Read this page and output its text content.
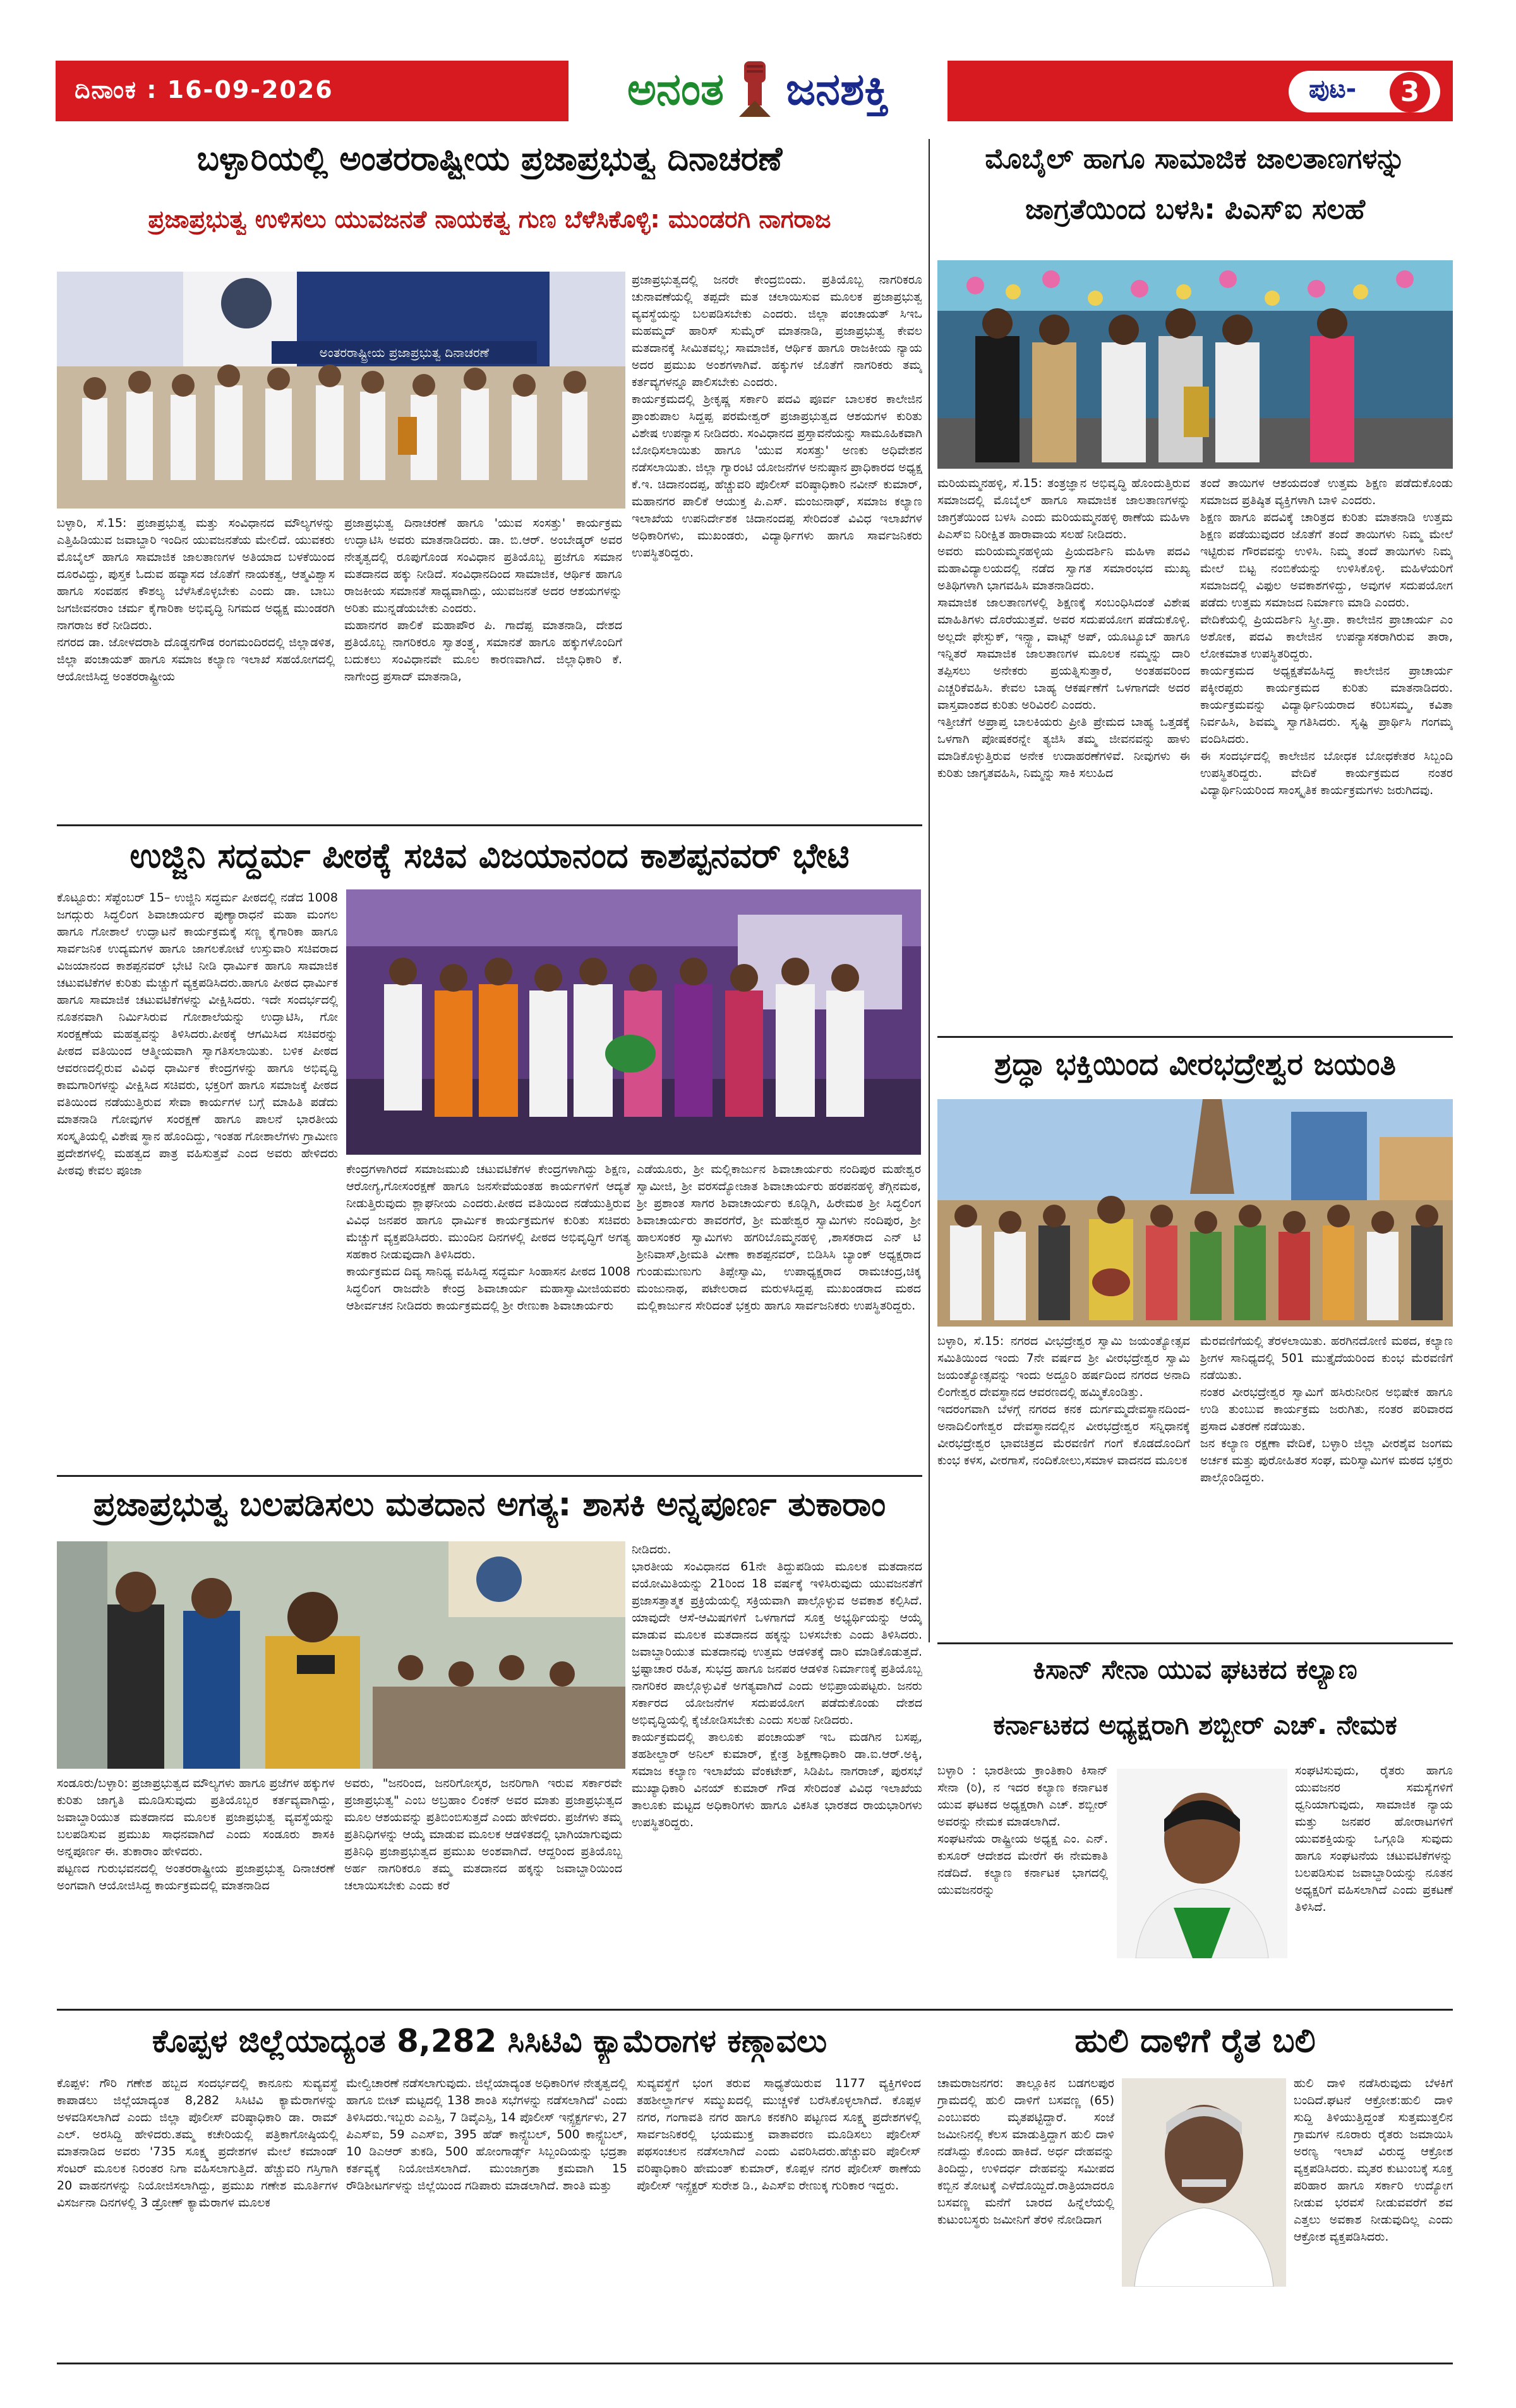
ದಿನಾಂಕ : 16-09-2026	ಅನಂತ ಜನಶಕ್ತಿ	ಪುಟ-	3
ಬಳ್ಳಾರಿಯಲ್ಲಿ ಅಂತರರಾಷ್ಟ್ರೀಯ ಪ್ರಜಾಪ್ರಭುತ್ವ ದಿನಾಚರಣೆ
ಪ್ರಜಾಪ್ರಭುತ್ವ ಉಳಿಸಲು ಯುವಜನತೆ ನಾಯಕತ್ವ ಗುಣ ಬೆಳೆಸಿಕೊಳ್ಳಿ: ಮುಂಡರಗಿ ನಾಗರಾಜ
ಅಂತರರಾಷ್ಟ್ರೀಯ ಪ್ರಜಾಪ್ರಭುತ್ವ ದಿನಾಚರಣೆ
ಬಳ್ಳಾರಿ, ಸೆ.15: ಪ್ರಜಾಪ್ರಭುತ್ವ ಮತ್ತು ಸಂವಿಧಾನದ ಮೌಲ್ಯಗಳನ್ನು ಎತ್ತಿಹಿಡಿಯುವ ಜವಾಬ್ದಾರಿ ಇಂದಿನ ಯುವಜನತೆಯ ಮೇಲಿದೆ. ಯುವಕರು ಮೊಬೈಲ್ ಹಾಗೂ ಸಾಮಾಜಿಕ ಜಾಲತಾಣಗಳ ಅತಿಯಾದ ಬಳಕೆಯಿಂದ ದೂರವಿದ್ದು, ಪುಸ್ತಕ ಓದುವ ಹವ್ಯಾಸದ ಜೊತೆಗೆ ನಾಯಕತ್ವ, ಆತ್ಮವಿಶ್ವಾಸ ಹಾಗೂ ಸಂವಹನ ಕೌಶಲ್ಯ ಬೆಳೆಸಿಕೊಳ್ಳಬೇಕು ಎಂದು ಡಾ. ಬಾಬು ಜಗಜೀವನರಾಂ ಚರ್ಮ ಕೈಗಾರಿಕಾ ಅಭಿವೃದ್ಧಿ ನಿಗಮದ ಅಧ್ಯಕ್ಷ ಮುಂಡರಗಿ ನಾಗರಾಜ ಕರೆ ನೀಡಿದರು.
ನಗರದ ಡಾ. ಜೋಳದರಾಶಿ ದೊಡ್ಡನಗೌಡ ರಂಗಮಂದಿರದಲ್ಲಿ ಜಿಲ್ಲಾಡಳಿತ, ಜಿಲ್ಲಾ ಪಂಚಾಯತ್ ಹಾಗೂ ಸಮಾಜ ಕಲ್ಯಾಣ ಇಲಾಖೆ ಸಹಯೋಗದಲ್ಲಿ ಆಯೋಜಿಸಿದ್ದ ಅಂತರರಾಷ್ಟ್ರೀಯ
ಪ್ರಜಾಪ್ರಭುತ್ವ ದಿನಾಚರಣೆ ಹಾಗೂ 'ಯುವ ಸಂಸತ್ತು' ಕಾರ್ಯಕ್ರಮ ಉದ್ಘಾಟಿಸಿ ಅವರು ಮಾತನಾಡಿದರು. ಡಾ. ಬಿ.ಆರ್. ಅಂಬೇಡ್ಕರ್ ಅವರ ನೇತೃತ್ವದಲ್ಲಿ ರೂಪುಗೊಂಡ ಸಂವಿಧಾನ ಪ್ರತಿಯೊಬ್ಬ ಪ್ರಜೆಗೂ ಸಮಾನ ಮತದಾನದ ಹಕ್ಕು ನೀಡಿದೆ. ಸಂವಿಧಾನದಿಂದ ಸಾಮಾಜಿಕ, ಆರ್ಥಿಕ ಹಾಗೂ ರಾಜಕೀಯ ಸಮಾನತೆ ಸಾಧ್ಯವಾಗಿದ್ದು, ಯುವಜನತೆ ಅದರ ಆಶಯಗಳನ್ನು ಅರಿತು ಮುನ್ನಡೆಯಬೇಕು ಎಂದರು.
ಮಹಾನಗರ ಪಾಲಿಕೆ ಮಹಾಪೌರ ಪಿ. ಗಾದೆಪ್ಪ ಮಾತನಾಡಿ, ದೇಶದ ಪ್ರತಿಯೊಬ್ಬ ನಾಗರಿಕರೂ ಸ್ವಾತಂತ್ರ್ಯ, ಸಮಾನತೆ ಹಾಗೂ ಹಕ್ಕುಗಳೊಂದಿಗೆ ಬದುಕಲು ಸಂವಿಧಾನವೇ ಮೂಲ ಕಾರಣವಾಗಿದೆ. ಜಿಲ್ಲಾಧಿಕಾರಿ ಕೆ. ನಾಗೇಂದ್ರ ಪ್ರಸಾದ್ ಮಾತನಾಡಿ,
ಪ್ರಜಾಪ್ರಭುತ್ವದಲ್ಲಿ ಜನರೇ ಕೇಂದ್ರಬಿಂದು. ಪ್ರತಿಯೊಬ್ಬ ನಾಗರಿಕರೂ ಚುನಾವಣೆಯಲ್ಲಿ ತಪ್ಪದೇ ಮತ ಚಲಾಯಿಸುವ ಮೂಲಕ ಪ್ರಜಾಪ್ರಭುತ್ವ ವ್ಯವಸ್ಥೆಯನ್ನು ಬಲಪಡಿಸಬೇಕು ಎಂದರು. ಜಿಲ್ಲಾ ಪಂಚಾಯತ್ ಸಿಇಒ ಮಹಮ್ಮದ್ ಹಾರಿಸ್ ಸುಮೈರ್ ಮಾತನಾಡಿ, ಪ್ರಜಾಪ್ರಭುತ್ವ ಕೇವಲ ಮತದಾನಕ್ಕೆ ಸೀಮಿತವಲ್ಲ; ಸಾಮಾಜಿಕ, ಆರ್ಥಿಕ ಹಾಗೂ ರಾಜಕೀಯ ನ್ಯಾಯ ಅದರ ಪ್ರಮುಖ ಅಂಶಗಳಾಗಿವೆ. ಹಕ್ಕುಗಳ ಜೊತೆಗೆ ನಾಗರಿಕರು ತಮ್ಮ ಕರ್ತವ್ಯಗಳನ್ನೂ ಪಾಲಿಸಬೇಕು ಎಂದರು.
ಕಾರ್ಯಕ್ರಮದಲ್ಲಿ ಶ್ರೀಕೃಷ್ಣ ಸರ್ಕಾರಿ ಪದವಿ ಪೂರ್ವ ಬಾಲಕರ ಕಾಲೇಜಿನ ಪ್ರಾಂಶುಪಾಲ ಸಿದ್ದಪ್ಪ ಪರಮೇಶ್ವರ್ ಪ್ರಜಾಪ್ರಭುತ್ವದ ಆಶಯಗಳ ಕುರಿತು ವಿಶೇಷ ಉಪನ್ಯಾಸ ನೀಡಿದರು. ಸಂವಿಧಾನದ ಪ್ರಸ್ತಾವನೆಯನ್ನು ಸಾಮೂಹಿಕವಾಗಿ ಬೋಧಿಸಲಾಯಿತು ಹಾಗೂ 'ಯುವ ಸಂಸತ್ತು' ಅಣಕು ಅಧಿವೇಶನ ನಡೆಸಲಾಯಿತು. ಜಿಲ್ಲಾ ಗ್ಯಾರಂಟಿ ಯೋಜನೆಗಳ ಅನುಷ್ಠಾನ ಪ್ರಾಧಿಕಾರದ ಅಧ್ಯಕ್ಷ ಕೆ.ಇ. ಚಿದಾನಂದಪ್ಪ, ಹೆಚ್ಚುವರಿ ಪೊಲೀಸ್ ವರಿಷ್ಠಾಧಿಕಾರಿ ನವೀನ್ ಕುಮಾರ್, ಮಹಾನಗರ ಪಾಲಿಕೆ ಆಯುಕ್ತ ಪಿ.ಎಸ್. ಮಂಜುನಾಥ್, ಸಮಾಜ ಕಲ್ಯಾಣ ಇಲಾಖೆಯ ಉಪನಿರ್ದೇಶಕ ಚಿದಾನಂದಪ್ಪ ಸೇರಿದಂತೆ ವಿವಿಧ ಇಲಾಖೆಗಳ ಅಧಿಕಾರಿಗಳು, ಮುಖಂಡರು, ವಿದ್ಯಾರ್ಥಿಗಳು ಹಾಗೂ ಸಾರ್ವಜನಿಕರು ಉಪಸ್ಥಿತರಿದ್ದರು.
ಉಜ್ಜಿನಿ ಸದ್ಧರ್ಮ ಪೀಠಕ್ಕೆ ಸಚಿವ ವಿಜಯಾನಂದ ಕಾಶಪ್ಪನವರ್ ಭೇಟಿ
ಕೊಟ್ಟೂರು: ಸೆಪ್ಟೆಂಬರ್ 15– ಉಜ್ಜಿನಿ ಸದ್ಧರ್ಮ ಪೀಠದಲ್ಲಿ ನಡೆದ 1008 ಜಗದ್ಗುರು ಸಿದ್ಧಲಿಂಗ ಶಿವಾಚಾರ್ಯರ ಪುಣ್ಯಾರಾಧನೆ ಮಹಾ ಮಂಗಲ ಹಾಗೂ ಗೋಶಾಲೆ ಉದ್ಘಾಟನೆ ಕಾರ್ಯಕ್ರಮಕ್ಕೆ ಸಣ್ಣ ಕೈಗಾರಿಕಾ ಹಾಗೂ ಸಾರ್ವಜನಿಕ ಉದ್ಯಮಗಳ ಹಾಗೂ ಜಾಗಲಕೋಟೆ ಉಸ್ತುವಾರಿ ಸಚಿವರಾದ ವಿಜಯಾನಂದ ಕಾಶಪ್ಪನವರ್ ಭೇಟಿ ನೀಡಿ ಧಾರ್ಮಿಕ ಹಾಗೂ ಸಾಮಾಜಿಕ ಚಟುವಟಿಕೆಗಳ ಕುರಿತು ಮೆಚ್ಚುಗೆ ವ್ಯಕ್ತಪಡಿಸಿದರು.ಹಾಗೂ ಪೀಠದ ಧಾರ್ಮಿಕ ಹಾಗೂ ಸಾಮಾಜಿಕ ಚಟುವಟಿಕೆಗಳನ್ನು ವೀಕ್ಷಿಸಿದರು. ಇದೇ ಸಂದರ್ಭದಲ್ಲಿ ನೂತನವಾಗಿ ನಿರ್ಮಿಸಿರುವ ಗೋಶಾಲೆಯನ್ನು ಉದ್ಘಾಟಿಸಿ, ಗೋ ಸಂರಕ್ಷಣೆಯ ಮಹತ್ವವನ್ನು ತಿಳಿಸಿದರು.ಪೀಠಕ್ಕೆ ಆಗಮಿಸಿದ ಸಚಿವರನ್ನು ಪೀಠದ ವತಿಯಿಂದ ಆತ್ಮೀಯವಾಗಿ ಸ್ವಾಗತಿಸಲಾಯಿತು. ಬಳಿಕ ಪೀಠದ ಆವರಣದಲ್ಲಿರುವ ವಿವಿಧ ಧಾರ್ಮಿಕ ಕೇಂದ್ರಗಳನ್ನು ಹಾಗೂ ಅಭಿವೃದ್ಧಿ ಕಾಮಗಾರಿಗಳನ್ನು ವೀಕ್ಷಿಸಿದ ಸಚಿವರು, ಭಕ್ತರಿಗೆ ಹಾಗೂ ಸಮಾಜಕ್ಕೆ ಪೀಠದ ವತಿಯಿಂದ ನಡೆಯುತ್ತಿರುವ ಸೇವಾ ಕಾರ್ಯಗಳ ಬಗ್ಗೆ ಮಾಹಿತಿ ಪಡೆದು ಮಾತನಾಡಿ ಗೋವುಗಳ ಸಂರಕ್ಷಣೆ ಹಾಗೂ ಪಾಲನೆ ಭಾರತೀಯ ಸಂಸ್ಕೃತಿಯಲ್ಲಿ ವಿಶೇಷ ಸ್ಥಾನ ಹೊಂದಿದ್ದು, ಇಂತಹ ಗೋಶಾಲೆಗಳು ಗ್ರಾಮೀಣ ಪ್ರದೇಶಗಳಲ್ಲಿ ಮಹತ್ವದ ಪಾತ್ರ ವಹಿಸುತ್ತವೆ ಎಂದ ಅವರು ಹೇಳಿದರು ಪೀಠವು ಕೇವಲ ಪೂಜಾ	ಕೇಂದ್ರಗಳಾಗಿರದೆ ಸಮಾಜಮುಖಿ ಚಟುವಟಿಕೆಗಳ ಕೇಂದ್ರಗಳಾಗಿದ್ದು ಶಿಕ್ಷಣ, ಆರೋಗ್ಯ,ಗೋಸಂರಕ್ಷಣೆ ಹಾಗೂ ಜನಸೇವೆಯಂತಹ ಕಾರ್ಯಗಳಿಗೆ ಆದ್ಯತೆ ನೀಡುತ್ತಿರುವುದು ಶ್ಲಾಘನೀಯ ಎಂದರು.ಪೀಠದ ವತಿಯಿಂದ ನಡೆಯುತ್ತಿರುವ ವಿವಿಧ ಜನಪರ ಹಾಗೂ ಧಾರ್ಮಿಕ ಕಾರ್ಯಕ್ರಮಗಳ ಕುರಿತು ಸಚಿವರು ಮೆಚ್ಚುಗೆ ವ್ಯಕ್ತಪಡಿಸಿದರು. ಮುಂದಿನ ದಿನಗಳಲ್ಲಿ ಪೀಠದ ಅಭಿವೃದ್ಧಿಗೆ ಅಗತ್ಯ ಸಹಕಾರ ನೀಡುವುದಾಗಿ ತಿಳಿಸಿದರು.
ಕಾರ್ಯಕ್ರಮದ ದಿವ್ಯ ಸಾನಿಧ್ಯ ವಹಿಸಿದ್ದ ಸದ್ಧರ್ಮ ಸಿಂಹಾಸನ ಪೀಠದ 1008 ಸಿದ್ಧಲಿಂಗ ರಾಜದೇಶಿ ಕೇಂದ್ರ ಶಿವಾಚಾರ್ಯ ಮಹಾಸ್ವಾಮೀಜಿಯವರು ಆಶೀರ್ವಚನ ನೀಡಿದರು ಕಾರ್ಯಕ್ರಮದಲ್ಲಿ ಶ್ರೀ ರೇಣುಕಾ ಶಿವಾಚಾರ್ಯರು
ಎಡೆಯೂರು, ಶ್ರೀ ಮಲ್ಲಿಕಾರ್ಜುನ ಶಿವಾಚಾರ್ಯರು ನಂದಿಪುರ ಮಹೇಶ್ವರ ಸ್ವಾಮೀಜಿ, ಶ್ರೀ ವರಸದ್ಯೋಜಾತ ಶಿವಾಚಾರ್ಯರು ಹರಪನಹಳ್ಳಿ ತೆಗ್ಗಿನಮಠ, ಶ್ರೀ ಪ್ರಶಾಂತ ಸಾಗರ ಶಿವಾಚಾರ್ಯರು ಕೂಡ್ಲಿಗಿ, ಹಿರೇಮಠ ಶ್ರೀ ಸಿದ್ಧಲಿಂಗ ಶಿವಾಚಾರ್ಯರು ತಾವರಗೆರೆ, ಶ್ರೀ ಮಹೇಶ್ವರ ಸ್ವಾಮಿಗಳು ನಂದಿಪುರ, ಶ್ರೀ ಹಾಲಸಂಕರ ಸ್ವಾಮಿಗಳು ಹಗರಿಬೊಮ್ಮನಹಳ್ಳಿ ,ಶಾಸಕರಾದ ಎನ್ ಟಿ ಶ್ರೀನಿವಾಸ್,ಶ್ರೀಮತಿ ವೀಣಾ ಕಾಶಪ್ಪನವರ್, ಬಿಡಿಸಿಸಿ ಬ್ಯಾಂಕ್ ಅಧ್ಯಕ್ಷರಾದ ಗುಂಡುಮುಣುಗು ತಿಪ್ಪೇಸ್ವಾಮಿ, ಉಪಾಧ್ಯಕ್ಷರಾದ ರಾಮಚಂದ್ರ,ಚಿಕ್ಕ ಮಂಜುನಾಥ, ಪಟೇಲರಾದ ಮರುಳಸಿದ್ದಪ್ಪ ಮುಖಂಡರಾದ ಮಠದ ಮಲ್ಲಿಕಾರ್ಜುನ ಸೇರಿದಂತೆ ಭಕ್ತರು ಹಾಗೂ ಸಾರ್ವಜನಿಕರು ಉಪಸ್ಥಿತರಿದ್ದರು.
ಪ್ರಜಾಪ್ರಭುತ್ವ ಬಲಪಡಿಸಲು ಮತದಾನ ಅಗತ್ಯ: ಶಾಸಕಿ ಅನ್ನಪೂರ್ಣ ತುಕಾರಾಂ
ಸಂಡೂರು/ಬಳ್ಳಾರಿ: ಪ್ರಜಾಪ್ರಭುತ್ವದ ಮೌಲ್ಯಗಳು ಹಾಗೂ ಪ್ರಜೆಗಳ ಹಕ್ಕುಗಳ ಕುರಿತು ಜಾಗೃತಿ ಮೂಡಿಸುವುದು ಪ್ರತಿಯೊಬ್ಬರ ಕರ್ತವ್ಯವಾಗಿದ್ದು, ಜವಾಬ್ದಾರಿಯುತ ಮತದಾನದ ಮೂಲಕ ಪ್ರಜಾಪ್ರಭುತ್ವ ವ್ಯವಸ್ಥೆಯನ್ನು ಬಲಪಡಿಸುವ ಪ್ರಮುಖ ಸಾಧನವಾಗಿದೆ ಎಂದು ಸಂಡೂರು ಶಾಸಕಿ ಅನ್ನಪೂರ್ಣ ಈ. ತುಕಾರಾಂ ಹೇಳಿದರು.
ಪಟ್ಟಣದ ಗುರುಭವನದಲ್ಲಿ ಅಂತರರಾಷ್ಟ್ರೀಯ ಪ್ರಜಾಪ್ರಭುತ್ವ ದಿನಾಚರಣೆ ಅಂಗವಾಗಿ ಆಯೋಜಿಸಿದ್ದ ಕಾರ್ಯಕ್ರಮದಲ್ಲಿ ಮಾತನಾಡಿದ
ಅವರು, "ಜನರಿಂದ, ಜನರಿಗೋಸ್ಕರ, ಜನರಿಗಾಗಿ ಇರುವ ಸರ್ಕಾರವೇ ಪ್ರಜಾಪ್ರಭುತ್ವ" ಎಂಬ ಅಬ್ರಹಾಂ ಲಿಂಕನ್ ಅವರ ಮಾತು ಪ್ರಜಾಪ್ರಭುತ್ವದ ಮೂಲ ಆಶಯವನ್ನು ಪ್ರತಿಬಿಂಬಿಸುತ್ತದೆ ಎಂದು ಹೇಳಿದರು. ಪ್ರಜೆಗಳು ತಮ್ಮ ಪ್ರತಿನಿಧಿಗಳನ್ನು ಆಯ್ಕೆ ಮಾಡುವ ಮೂಲಕ ಆಡಳಿತದಲ್ಲಿ ಭಾಗಿಯಾಗುವುದು ಪ್ರತಿನಿಧಿ ಪ್ರಜಾಪ್ರಭುತ್ವದ ಪ್ರಮುಖ ಅಂಶವಾಗಿದೆ. ಆದ್ದರಿಂದ ಪ್ರತಿಯೊಬ್ಬ ಅರ್ಹ ನಾಗರಿಕರೂ ತಮ್ಮ ಮತದಾನದ ಹಕ್ಕನ್ನು ಜವಾಬ್ದಾರಿಯಿಂದ ಚಲಾಯಿಸಬೇಕು ಎಂದು ಕರೆ
ನೀಡಿದರು.
ಭಾರತೀಯ ಸಂವಿಧಾನದ 61ನೇ ತಿದ್ದುಪಡಿಯ ಮೂಲಕ ಮತದಾನದ ವಯೋಮಿತಿಯನ್ನು 21ರಿಂದ 18 ವರ್ಷಕ್ಕೆ ಇಳಿಸಿರುವುದು ಯುವಜನತೆಗೆ ಪ್ರಜಾಸತ್ತಾತ್ಮಕ ಪ್ರಕ್ರಿಯೆಯಲ್ಲಿ ಸಕ್ರಿಯವಾಗಿ ಪಾಲ್ಗೊಳ್ಳುವ ಅವಕಾಶ ಕಲ್ಪಿಸಿದೆ. ಯಾವುದೇ ಆಸೆ-ಆಮಿಷಗಳಿಗೆ ಒಳಗಾಗದೆ ಸೂಕ್ತ ಅಭ್ಯರ್ಥಿಯನ್ನು ಆಯ್ಕೆ ಮಾಡುವ ಮೂಲಕ ಮತದಾನದ ಹಕ್ಕನ್ನು ಬಳಸಬೇಕು ಎಂದು ತಿಳಿಸಿದರು. ಜವಾಬ್ದಾರಿಯುತ ಮತದಾನವು ಉತ್ತಮ ಆಡಳಿತಕ್ಕೆ ದಾರಿ ಮಾಡಿಕೊಡುತ್ತದೆ. ಭ್ರಷ್ಟಾಚಾರ ರಹಿತ, ಸುಭದ್ರ ಹಾಗೂ ಜನಪರ ಆಡಳಿತ ನಿರ್ಮಾಣಕ್ಕೆ ಪ್ರತಿಯೊಬ್ಬ ನಾಗರಿಕರ ಪಾಲ್ಗೊಳ್ಳುವಿಕೆ ಅಗತ್ಯವಾಗಿದೆ ಎಂದು ಅಭಿಪ್ರಾಯಪಟ್ಟರು. ಜನರು ಸರ್ಕಾರದ ಯೋಜನೆಗಳ ಸದುಪಯೋಗ ಪಡೆದುಕೊಂಡು ದೇಶದ ಅಭಿವೃದ್ಧಿಯಲ್ಲಿ ಕೈಜೋಡಿಸಬೇಕು ಎಂದು ಸಲಹೆ ನೀಡಿದರು.
ಕಾರ್ಯಕ್ರಮದಲ್ಲಿ ತಾಲೂಕು ಪಂಚಾಯತ್ ಇಒ ಮಡಗಿನ ಬಸಪ್ಪ, ತಹಶೀಲ್ದಾರ್ ಅನಿಲ್ ಕುಮಾರ್, ಕ್ಷೇತ್ರ ಶಿಕ್ಷಣಾಧಿಕಾರಿ ಡಾ.ಐ.ಆರ್.ಅಕ್ಕಿ, ಸಮಾಜ ಕಲ್ಯಾಣ ಇಲಾಖೆಯ ವೆಂಕಟೇಶ್, ಸಿಡಿಪಿಒ ನಾಗರಾಜ್, ಪುರಸಭೆ ಮುಖ್ಯಾಧಿಕಾರಿ ವಿನಯ್ ಕುಮಾರ್ ಗೌಡ ಸೇರಿದಂತೆ ವಿವಿಧ ಇಲಾಖೆಯ ತಾಲೂಕು ಮಟ್ಟದ ಅಧಿಕಾರಿಗಳು ಹಾಗೂ ವಿಕಸಿತ ಭಾರತದ ರಾಯಭಾರಿಗಳು ಉಪಸ್ಥಿತರಿದ್ದರು.
ಮೊಬೈಲ್ ಹಾಗೂ ಸಾಮಾಜಿಕ ಜಾಲತಾಣಗಳನ್ನು
ಜಾಗ್ರತೆಯಿಂದ ಬಳಸಿ: ಪಿಎಸ್ಐ ಸಲಹೆ
ಮರಿಯಮ್ಮನಹಳ್ಳಿ, ಸೆ.15: ತಂತ್ರಜ್ಞಾನ ಅಭಿವೃದ್ಧಿ ಹೊಂದುತ್ತಿರುವ ಸಮಾಜದಲ್ಲಿ ಮೊಬೈಲ್ ಹಾಗೂ ಸಾಮಾಜಿಕ ಜಾಲತಾಣಗಳನ್ನು ಜಾಗ್ರತೆಯಿಂದ ಬಳಸಿ ಎಂದು ಮರಿಯಮ್ಮನಹಳ್ಳಿ ಠಾಣೆಯ ಮಹಿಳಾ ಪಿಎಸ್ಐ ನಿರೀಕ್ಷಿತ ಹಾರಾವಾಯ ಸಲಹೆ ನೀಡಿದರು.
ಅವರು ಮರಿಯಮ್ಮನಹಳ್ಳಿಯ ಪ್ರಿಯದರ್ಶಿನಿ ಮಹಿಳಾ ಪದವಿ ಮಹಾವಿದ್ಯಾಲಯದಲ್ಲಿ ನಡೆದ ಸ್ವಾಗತ ಸಮಾರಂಭದ ಮುಖ್ಯ ಅತಿಥಿಗಳಾಗಿ ಭಾಗವಹಿಸಿ ಮಾತನಾಡಿದರು.
ಸಾಮಾಜಿಕ ಜಾಲತಾಣಗಳಲ್ಲಿ ಶಿಕ್ಷಣಕ್ಕೆ ಸಂಬಂಧಿಸಿದಂತೆ ವಿಶೇಷ ಮಾಹಿತಿಗಳು ದೊರೆಯುತ್ತವೆ. ಅವರ ಸದುಪಯೋಗ ಪಡೆದುಕೊಳ್ಳಿ. ಅಲ್ಲದೇ ಫೇಸ್ಬುಕ್, ಇನ್ಸ್ಟಾ, ವಾಟ್ಸ್ ಅಪ್, ಯೂಟ್ಯೂಬ್ ಹಾಗೂ ಇನ್ನಿತರೆ ಸಾಮಾಜಿಕ ಜಾಲತಾಣಗಳ ಮೂಲಕ ನಮ್ಮನ್ನು ದಾರಿ ತಪ್ಪಿಸಲು ಅನೇಕರು ಪ್ರಯತ್ನಿಸುತ್ತಾರೆ, ಅಂತಹವರಿಂದ ಎಚ್ಚರಿಕೆವಹಿಸಿ. ಕೇವಲ ಬಾಹ್ಯ ಆಕರ್ಷಣೆಗೆ ಒಳಗಾಗದೇ ಅದರ ವಾಸ್ತವಾಂಶದ ಕುರಿತು ಅರಿವಿರಲಿ ಎಂದರು.
ಇತ್ತೀಚೆಗೆ ಅಪ್ರಾಪ್ತ ಬಾಲಕಿಯರು ಪ್ರೀತಿ ಪ್ರೇಮದ ಬಾಹ್ಯ ಒತ್ತಡಕ್ಕೆ ಒಳಗಾಗಿ ಪೋಷಕರನ್ನೇ ತ್ಯಜಿಸಿ ತಮ್ಮ ಜೀವನವನ್ನು ಹಾಳು ಮಾಡಿಕೊಳ್ಳುತ್ತಿರುವ ಅನೇಕ ಉದಾಹರಣೆಗಳಿವೆ. ನೀವುಗಳು ಈ ಕುರಿತು ಜಾಗೃತವಹಿಸಿ, ನಿಮ್ಮನ್ನು ಸಾಕಿ ಸಲುಹಿದ
ತಂದೆ ತಾಯಿಗಳ ಆಶಯದಂತೆ ಉತ್ತಮ ಶಿಕ್ಷಣ ಪಡೆದುಕೊಂಡು ಸಮಾಜದ ಪ್ರತಿಷ್ಠಿತ ವ್ಯಕ್ತಿಗಳಾಗಿ ಬಾಳಿ ಎಂದರು.
ಶಿಕ್ಷಣ ಹಾಗೂ ಪದವಿಕ್ಕೆ ಚಾರಿತ್ರದ ಕುರಿತು ಮಾತನಾಡಿ ಉತ್ತಮ ಶಿಕ್ಷಣ ಪಡೆಯುವುದರ ಜೊತೆಗೆ ತಂದೆ ತಾಯಿಗಳು ನಿಮ್ಮ ಮೇಲೆ ಇಟ್ಟಿರುವ ಗೌರವವನ್ನು ಉಳಿಸಿ. ನಿಮ್ಮ ತಂದೆ ತಾಯಿಗಳು ನಿಮ್ಮ ಮೇಲೆ ಬಿಟ್ಟ ನಂಬಿಕೆಯನ್ನು ಉಳಿಸಿಕೊಳ್ಳಿ. ಮಹಿಳೆಯರಿಗೆ ಸಮಾಜದಲ್ಲಿ ವಿಫುಲ ಅವಕಾಶಗಳಿದ್ದು, ಅವುಗಳ ಸದುಪಯೋಗ ಪಡೆದು ಉತ್ತಮ ಸಮಾಜದ ನಿರ್ಮಾಣ ಮಾಡಿ ಎಂದರು.
ವೇದಿಕೆಯಲ್ಲಿ ಪ್ರಿಯದರ್ಶಿನಿ ಸ್ತ್ರೀ.ಪ್ರಾ. ಕಾಲೇಜಿನ ಪ್ರಾಚಾರ್ಯ ಎಂ ಅಶೋಕ, ಪದವಿ ಕಾಲೇಜಿನ ಉಪನ್ಯಾಸಕರಾಗಿರುವ ತಾರಾ, ಲೋಕಮಾತ ಉಪಸ್ಥಿತರಿದ್ದರು.
ಕಾರ್ಯಕ್ರಮದ ಅಧ್ಯಕ್ಷತೆವಹಿಸಿದ್ದ ಕಾಲೇಜಿನ ಪ್ರಾಚಾರ್ಯ ಪಕ್ಕೀರಪ್ಪರು ಕಾರ್ಯಕ್ರಮದ ಕುರಿತು ಮಾತನಾಡಿದರು. ಕಾರ್ಯಕ್ರಮವನ್ನು ವಿದ್ಯಾರ್ಥಿನಿಯರಾದ ಕರಿಬಸಮ್ಮ, ಕವಿತಾ ನಿರ್ವಹಿಸಿ, ಶಿವಮ್ಮ ಸ್ವಾಗತಿಸಿದರು. ಸೃಷ್ಟಿ ಪ್ರಾರ್ಥಿಸಿ ಗಂಗಮ್ಮ ವಂದಿಸಿದರು.
ಈ ಸಂದರ್ಭದಲ್ಲಿ ಕಾಲೇಜಿನ ಬೋಧಕ ಬೋಧಕೇತರ ಸಿಬ್ಬಂದಿ ಉಪಸ್ಥಿತರಿದ್ದರು. ವೇದಿಕೆ ಕಾರ್ಯಕ್ರಮದ ನಂತರ ವಿದ್ಯಾರ್ಥಿನಿಯರಿಂದ ಸಾಂಸ್ಕೃತಿಕ ಕಾರ್ಯಕ್ರಮಗಳು ಜರುಗಿದವು.
ಶ್ರದ್ಧಾ ಭಕ್ತಿಯಿಂದ ವೀರಭದ್ರೇಶ್ವರ ಜಯಂತಿ
ಬಳ್ಳಾರಿ, ಸೆ.15: ನಗರದ ವೀಭದ್ರೇಶ್ವರ ಸ್ವಾಮಿ ಜಯಂತ್ಯೋತ್ಸವ ಸಮಿತಿಯಿಂದ ಇಂದು 7ನೇ ವರ್ಷದ ಶ್ರೀ ವೀರಭದ್ರೇಶ್ವರ ಸ್ವಾಮಿ ಜಯಂತ್ಯೋತ್ಸವನ್ನು ಇಂದು ಅದ್ದೂರಿ ಹರ್ಷದಿಂದ ನಗರದ ಅನಾದಿ ಲಿಂಗೇಶ್ವರ ದೇವಸ್ಥಾನದ ಆವರಣದಲ್ಲಿ ಹಮ್ಮಿಕೊಂಡಿತ್ತು.
ಇದರಂಗವಾಗಿ ಬೆಳಗ್ಗೆ ನಗರದ ಕನಕ ದುರ್ಗಮ್ಮದೇವಸ್ಥಾನದಿಂದ-ಅನಾದಿಲಿಂಗೇಶ್ವರ ದೇವಸ್ಥಾನದಲ್ಲಿನ ವೀರಭದ್ರೇಶ್ವರ ಸನ್ನಿಧಾನಕ್ಕೆ ವೀರಭದ್ರೇಶ್ವರ ಭಾವಚಿತ್ರದ ಮೆರವಣಿಗೆ ಗಂಗೆ ಕೊಡದೊಂದಿಗೆ ಕುಂಭ ಕಳಸ, ವೀರಗಾಸೆ, ನಂದಿಕೋಲು,ಸಮಾಳ ವಾದನದ ಮೂಲಕ
ಮೆರವಣಿಗೆಯಲ್ಲಿ ತೆರಳಲಾಯಿತು. ಹರಗಿನದೋಣಿ ಮಠದ, ಕಲ್ಯಾಣ ಶ್ರೀಗಳ ಸಾನಿಧ್ಯದಲ್ಲಿ 501 ಮುತ್ತೈದೆಯರಿಂದ ಕುಂಭ ಮೆರವಣಿಗೆ ನಡೆಯಿತು.
ನಂತರ ವೀರಭದ್ರೇಶ್ವರ ಸ್ವಾಮಿಗೆ ಹಸಿರುನೀರಿನ ಅಭಿಷೇಕ ಹಾಗೂ ಉಡಿ ತುಂಬುವ ಕಾರ್ಯಕ್ರಮ ಜರುಗಿತು, ನಂತರ ಪರಿವಾರದ ಪ್ರಸಾದ ವಿತರಣೆ ನಡೆಯಿತು.
ಜನ ಕಲ್ಯಾಣ ರಕ್ಷಣಾ ವೇದಿಕೆ, ಬಳ್ಳಾರಿ ಜಿಲ್ಲಾ ವೀರಶೈವ ಜಂಗಮ ಅರ್ಚಕ ಮತ್ತು ಪುರೋಹಿತರ ಸಂಘ, ಮರಿಸ್ವಾಮಿಗಳ ಮಠದ ಭಕ್ತರು ಪಾಲ್ಗೊಂಡಿದ್ದರು.
ಕಿಸಾನ್ ಸೇನಾ ಯುವ ಘಟಕದ ಕಲ್ಯಾಣ
ಕರ್ನಾಟಕದ ಅಧ್ಯಕ್ಷರಾಗಿ ಶಬ್ಬೀರ್ ಎಚ್. ನೇಮಕ
ಬಳ್ಳಾರಿ : ಭಾರತೀಯ ಕ್ರಾಂತಿಕಾರಿ ಕಿಸಾನ್ ಸೇನಾ (ರಿ), ನ ಇದರ ಕಲ್ಯಾಣ ಕರ್ನಾಟಕ ಯುವ ಘಟಕದ ಅಧ್ಯಕ್ಷರಾಗಿ ಎಚ್. ಶಬ್ಬೀರ್ ಅವರನ್ನು ನೇಮಕ ಮಾಡಲಾಗಿದೆ.
ಸಂಘಟನೆಯ ರಾಷ್ಟ್ರೀಯ ಅಧ್ಯಕ್ಷ ಎಂ. ಎನ್. ಕುಸೂರ್ ಆದೇಶದ ಮೇರೆಗೆ ಈ ನೇಮಕಾತಿ ನಡೆದಿದೆ. ಕಲ್ಯಾಣ ಕರ್ನಾಟಕ ಭಾಗದಲ್ಲಿ ಯುವಜನರನ್ನು
ಸಂಘಟಿಸುವುದು, ರೈತರು ಹಾಗೂ ಯುವಜನರ ಸಮಸ್ಯೆಗಳಿಗೆ ಧ್ವನಿಯಾಗುವುದು, ಸಾಮಾಜಿಕ ನ್ಯಾಯ ಮತ್ತು ಜನಪರ ಹೋರಾಟಗಳಿಗೆ ಯುವಶಕ್ತಿಯನ್ನು ಒಗ್ಗೂಡಿ ಸುವುದು ಹಾಗೂ ಸಂಘಟನೆಯ ಚಟುವಟಿಕೆಗಳನ್ನು ಬಲಪಡಿಸುವ ಜವಾಬ್ದಾರಿಯನ್ನು ನೂತನ ಅಧ್ಯಕ್ಷರಿಗೆ ವಹಿಸಲಾಗಿದೆ ಎಂದು ಪ್ರಕಟಣೆ ತಿಳಿಸಿದೆ.
ಕೊಪ್ಪಳ ಜಿಲ್ಲೆಯಾದ್ಯಂತ 8,282 ಸಿಸಿಟಿವಿ ಕ್ಯಾಮೆರಾಗಳ ಕಣ್ಗಾವಲು
ಕೊಪ್ಪಳ: ಗೌರಿ ಗಣೇಶ ಹಬ್ಬದ ಸಂದರ್ಭದಲ್ಲಿ ಕಾನೂನು ಸುವ್ಯವಸ್ಥೆ ಕಾಪಾಡಲು ಜಿಲ್ಲೆಯಾದ್ಯಂತ 8,282 ಸಿಸಿಟಿವಿ ಕ್ಯಾಮೆರಾಗಳನ್ನು ಅಳವಡಿಸಲಾಗಿದೆ ಎಂದು ಜಿಲ್ಲಾ ಪೊಲೀಸ್ ವರಿಷ್ಠಾಧಿಕಾರಿ ಡಾ. ರಾಮ್ ಎಲ್. ಅರಸಿದ್ದಿ ಹೇಳಿದರು.ತಮ್ಮ ಕಚೇರಿಯಲ್ಲಿ ಪತ್ರಿಕಾಗೋಷ್ಠಿಯಲ್ಲಿ ಮಾತನಾಡಿದ ಅವರು '735 ಸೂಕ್ಷ್ಮ ಪ್ರದೇಶಗಳ ಮೇಲೆ ಕಮಾಂಡ್ ಸೆಂಟರ್ ಮೂಲಕ ನಿರಂತರ ನಿಗಾ ವಹಿಸಲಾಗುತ್ತಿದೆ. ಹೆಚ್ಚುವರಿ ಗಸ್ತಿಗಾಗಿ 20 ವಾಹನಗಳನ್ನು ನಿಯೋಜಿಸಲಾಗಿದ್ದು, ಪ್ರಮುಖ ಗಣೇಶ ಮೂರ್ತಿಗಳ ವಿಸರ್ಜನಾ ದಿನಗಳಲ್ಲಿ 3 ಡ್ರೋಣ್ ಕ್ಯಾಮೆರಾಗಳ ಮೂಲಕ
ಮೇಲ್ವಿಚಾರಣೆ ನಡೆಸಲಾಗುವುದು. ಜಿಲ್ಲೆಯಾದ್ಯಂತ ಅಧಿಕಾರಿಗಳ ನೇತೃತ್ವದಲ್ಲಿ ಹಾಗೂ ಬೀಟ್ ಮಟ್ಟದಲ್ಲಿ 138 ಶಾಂತಿ ಸಭೆಗಳನ್ನು ನಡೆಸಲಾಗಿದೆ' ಎಂದು ತಿಳಿಸಿದರು.ಇಬ್ಬರು ಎಎಸ್ಪಿ, 7 ಡಿವೈಎಸ್ಪಿ, 14 ಪೊಲೀಸ್ ಇನ್ಸ್ಪೆಕ್ಟರ್ಗಳು, 27 ಪಿಎಸ್ಐ, 59 ಎಎಸ್ಐ, 395 ಹೆಡ್ ಕಾನ್ಸ್ಟೆಬಲ್, 500 ಕಾನ್ಸ್ಟೆಬಲ್, 10 ಡಿಎಆರ್ ತುಕಡಿ, 500 ಹೋಂಗಾರ್ಡ್ಸ್ ಸಿಬ್ಬಂದಿಯನ್ನು ಭದ್ರತಾ ಕರ್ತವ್ಯಕ್ಕೆ ನಿಯೋಜಿಸಲಾಗಿದೆ. ಮುಂಜಾಗ್ರತಾ ಕ್ರಮವಾಗಿ 15 ರೌಡಿಶೀಟರ್ಗಳನ್ನು ಜಿಲ್ಲೆಯಿಂದ ಗಡಿಪಾರು ಮಾಡಲಾಗಿದೆ. ಶಾಂತಿ ಮತ್ತು
ಸುವ್ಯವಸ್ಥೆಗೆ ಭಂಗ ತರುವ ಸಾಧ್ಯತೆಯಿರುವ 1177 ವ್ಯಕ್ತಿಗಳಿಂದ ತಹಶೀಲ್ದಾರ್ಗಳ ಸಮ್ಮುಖದಲ್ಲಿ ಮುಚ್ಚಳಿಕೆ ಬರೆಸಿಕೊಳ್ಳಲಾಗಿದೆ. ಕೊಪ್ಪಳ ನಗರ, ಗಂಗಾವತಿ ನಗರ ಹಾಗೂ ಕನಕಗಿರಿ ಪಟ್ಟಣದ ಸೂಕ್ಷ್ಮ ಪ್ರದೇಶಗಳಲ್ಲಿ ಸಾರ್ವಜನಿಕರಲ್ಲಿ ಭಯಮುಕ್ತ ವಾತಾವರಣ ಮೂಡಿಸಲು ಪೊಲೀಸ್ ಪಥಸಂಚಲನ ನಡೆಸಲಾಗಿದೆ ಎಂದು ವಿವರಿಸಿದರು.ಹೆಚ್ಚುವರಿ ಪೊಲೀಸ್ ವರಿಷ್ಠಾಧಿಕಾರಿ ಹೇಮಂತ್ ಕುಮಾರ್, ಕೊಪ್ಪಳ ನಗರ ಪೊಲೀಸ್ ಠಾಣೆಯ ಪೊಲೀಸ್ ಇನ್ಸ್ಪೆಕ್ಟರ್ ಸುರೇಶ ಡಿ., ಪಿಎಸ್ಐ ರೇಣುಕ್ಕ ಗುರಿಕಾರ ಇದ್ದರು.
ಹುಲಿ ದಾಳಿಗೆ ರೈತ ಬಲಿ
ಚಾಮರಾಜನಗರ: ತಾಲ್ಲೂಕಿನ ಬಡಗಲಪುರ ಗ್ರಾಮದಲ್ಲಿ ಹುಲಿ ದಾಳಿಗೆ ಬಸವಣ್ಣ (65) ಎಂಬುವರು ಮೃತಪಟ್ಟಿದ್ದಾರೆ. ಸಂಜೆ ಜಮೀನಿನಲ್ಲಿ ಕೆಲಸ ಮಾಡುತ್ತಿದ್ದಾಗ ಹುಲಿ ದಾಳಿ ನಡೆಸಿದ್ದು ಕೊಂದು ಹಾಕಿದೆ. ಅರ್ಧ ದೇಹವನ್ನು ತಿಂದಿದ್ದು, ಉಳಿದರ್ಧ ದೇಹವನ್ನು ಸಮೀಪದ ಕಬ್ಬಿನ ತೋಟಕ್ಕೆ ಎಳೆದೊಯ್ದಿದೆ.ರಾತ್ರಿಯಾದರೂ ಬಸವಣ್ಣ ಮನೆಗೆ ಬಾರದ ಹಿನ್ನೆಲೆಯಲ್ಲಿ ಕುಟುಂಬಸ್ಥರು ಜಮೀನಿಗೆ ತೆರಳಿ ನೋಡಿದಾಗ
ಹುಲಿ ದಾಳಿ ನಡೆಸಿರುವುದು ಬೆಳಕಿಗೆ ಬಂದಿದೆ.ಘಟನೆ ಆಕ್ರೋಶ:ಹುಲಿ ದಾಳಿ ಸುದ್ದಿ ತಿಳಿಯುತ್ತಿದ್ದಂತೆ ಸುತ್ತಮುತ್ತಲಿನ ಗ್ರಾಮಗಳ ನೂರಾರು ರೈತರು ಜಮಾಯಿಸಿ ಅರಣ್ಯ ಇಲಾಖೆ ವಿರುದ್ಧ ಆಕ್ರೋಶ ವ್ಯಕ್ತಪಡಿಸಿದರು. ಮೃತರ ಕುಟುಂಬಕ್ಕೆ ಸೂಕ್ತ ಪರಿಹಾರ ಹಾಗೂ ಸರ್ಕಾರಿ ಉದ್ಯೋಗ ನೀಡುವ ಭರವಸೆ ನೀಡುವವರೆಗೆ ಶವ ಎತ್ತಲು ಅವಕಾಶ ನೀಡುವುದಿಲ್ಲ ಎಂದು ಆಕ್ರೋಶ ವ್ಯಕ್ತಪಡಿಸಿದರು.
